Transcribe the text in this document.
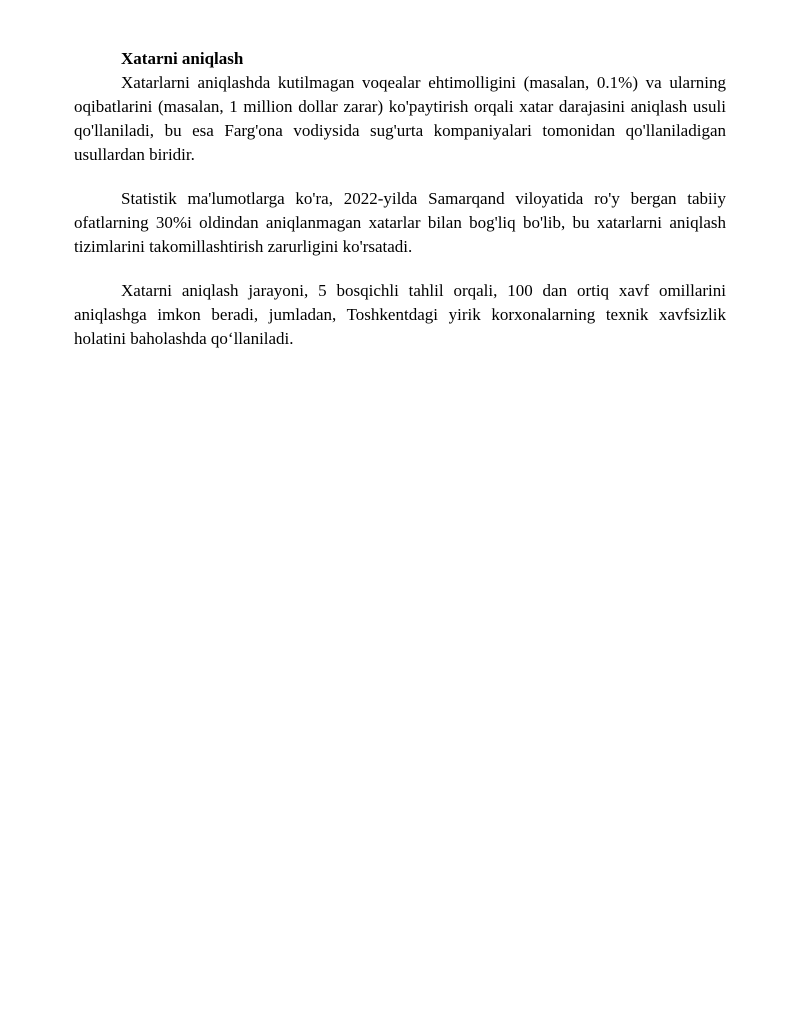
Xatarni aniqlash

Xatarlarni aniqlashda kutilmagan voqealar ehtimolligini (masalan, 0.1%) va ularning oqibatlarini (masalan, 1 million dollar zarar) ko'paytirish orqali xatar darajasini aniqlash usuli qo'llaniladi, bu esa Farg'ona vodiysida sug'urta kompaniyalari tomonidan qo'llaniladigan usullardan biridir.

Statistik ma'lumotlarga ko'ra, 2022-yilda Samarqand viloyatida ro'y bergan tabiiy ofatlarning 30%i oldindan aniqlanmagan xatarlar bilan bog'liq bo'lib, bu xatarlarni aniqlash tizimlarini takomillashtirish zarurligini ko'rsatadi.

Xatarni aniqlash jarayoni, 5 bosqichli tahlil orqali, 100 dan ortiq xavf omillarini aniqlashga imkon beradi, jumladan, Toshkentdagi yirik korxonalarning texnik xavfsizlik holatini baholashda qo‘llaniladi.
